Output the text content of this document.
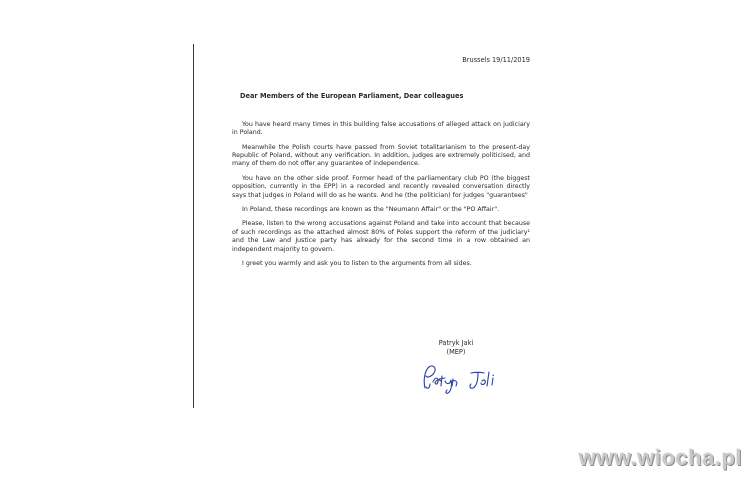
Brussels 19/11/2019
Dear Members of the European Parliament, Dear colleagues

You have heard many times in this building false accusations of alleged attack on judiciary in Poland.

Meanwhile the Polish courts have passed from Soviet totalitarianism to the present-day Republic of Poland, without any verification. In addition, judges are extremely politicised, and many of them do not offer any guarantee of independence.

You have on the other side proof. Former head of the parliamentary club PO (the biggest opposition, currently in the EPP) in a recorded and recently revealed conversation directly says that judges in Poland will do as he wants. And he (the politician) for judges "guarantees"

In Poland, these recordings are known as the "Neumann Affair" or the "PO Affair".

Please, listen to the wrong accusations against Poland and take into account that because of such recordings as the attached almost 80% of Poles support the reform of the judiciary¹ and the Law and Justice party has already for the second time in a row obtained an independent majority to govern.

I greet you warmly and ask you to listen to the arguments from all sides.

Patryk Jaki
(MEP)
www.wiocha.pl
